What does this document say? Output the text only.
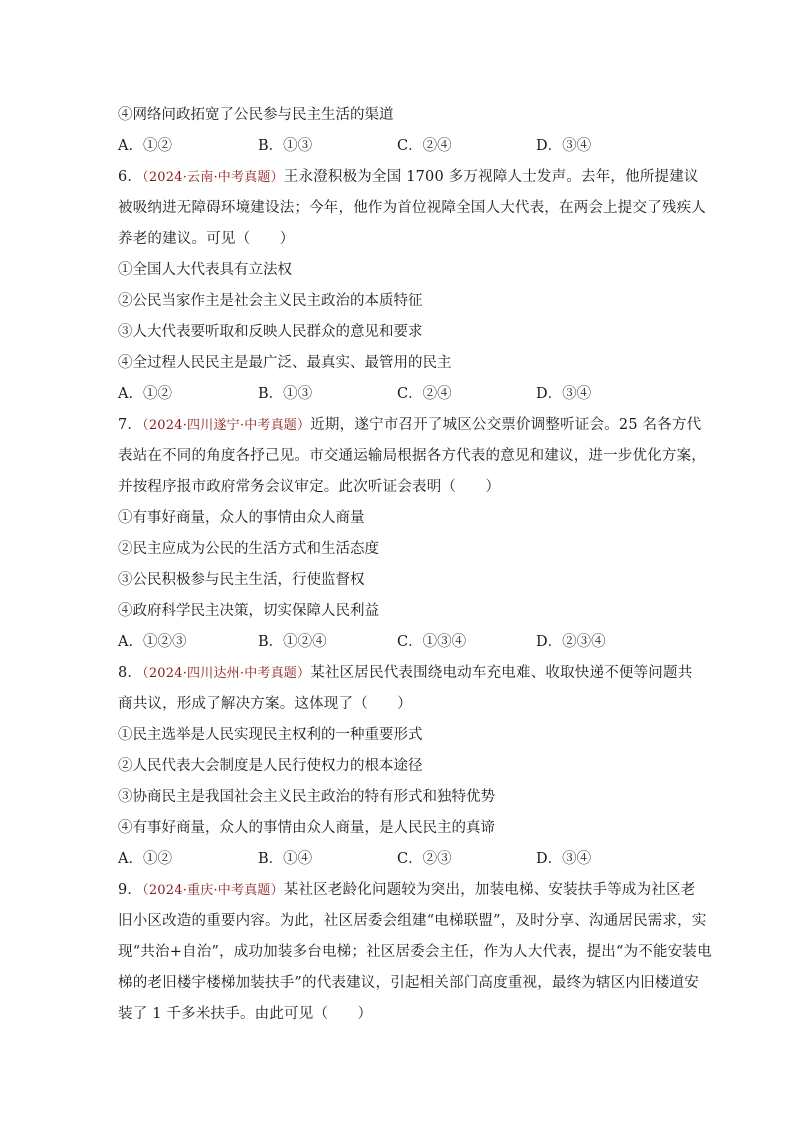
④网络问政拓宽了公民参与民主生活的渠道
A．①②	B．①③	C．②④	D．③④
6．（2024·云南·中考真题）王永澄积极为全国 1700 多万视障人士发声。去年，他所提建议
被吸纳进无障碍环境建设法；今年，他作为首位视障全国人大代表，在两会上提交了残疾人
养老的建议。可见（　　）
①全国人大代表具有立法权
②公民当家作主是社会主义民主政治的本质特征
③人大代表要听取和反映人民群众的意见和要求
④全过程人民民主是最广泛、最真实、最管用的民主
A．①②	B．①③	C．②④	D．③④
7．（2024·四川遂宁·中考真题）近期，遂宁市召开了城区公交票价调整听证会。25 名各方代
表站在不同的角度各抒己见。市交通运输局根据各方代表的意见和建议，进一步优化方案，
并按程序报市政府常务会议审定。此次听证会表明（　　）
①有事好商量，众人的事情由众人商量
②民主应成为公民的生活方式和生活态度
③公民积极参与民主生活，行使监督权
④政府科学民主决策，切实保障人民利益
A．①②③	B．①②④	C．①③④	D．②③④
8．（2024·四川达州·中考真题）某社区居民代表围绕电动车充电难、收取快递不便等问题共
商共议，形成了解决方案。这体现了（　　）
①民主选举是人民实现民主权利的一种重要形式
②人民代表大会制度是人民行使权力的根本途径
③协商民主是我国社会主义民主政治的特有形式和独特优势
④有事好商量，众人的事情由众人商量，是人民民主的真谛
A．①②	B．①④	C．②③	D．③④
9．（2024·重庆·中考真题）某社区老龄化问题较为突出，加装电梯、安装扶手等成为社区老
旧小区改造的重要内容。为此，社区居委会组建“电梯联盟”，及时分享、沟通居民需求，实
现“共治+自治”，成功加装多台电梯；社区居委会主任，作为人大代表，提出“为不能安装电
梯的老旧楼宇楼梯加装扶手”的代表建议，引起相关部门高度重视，最终为辖区内旧楼道安
装了 1 千多米扶手。由此可见（　　）
